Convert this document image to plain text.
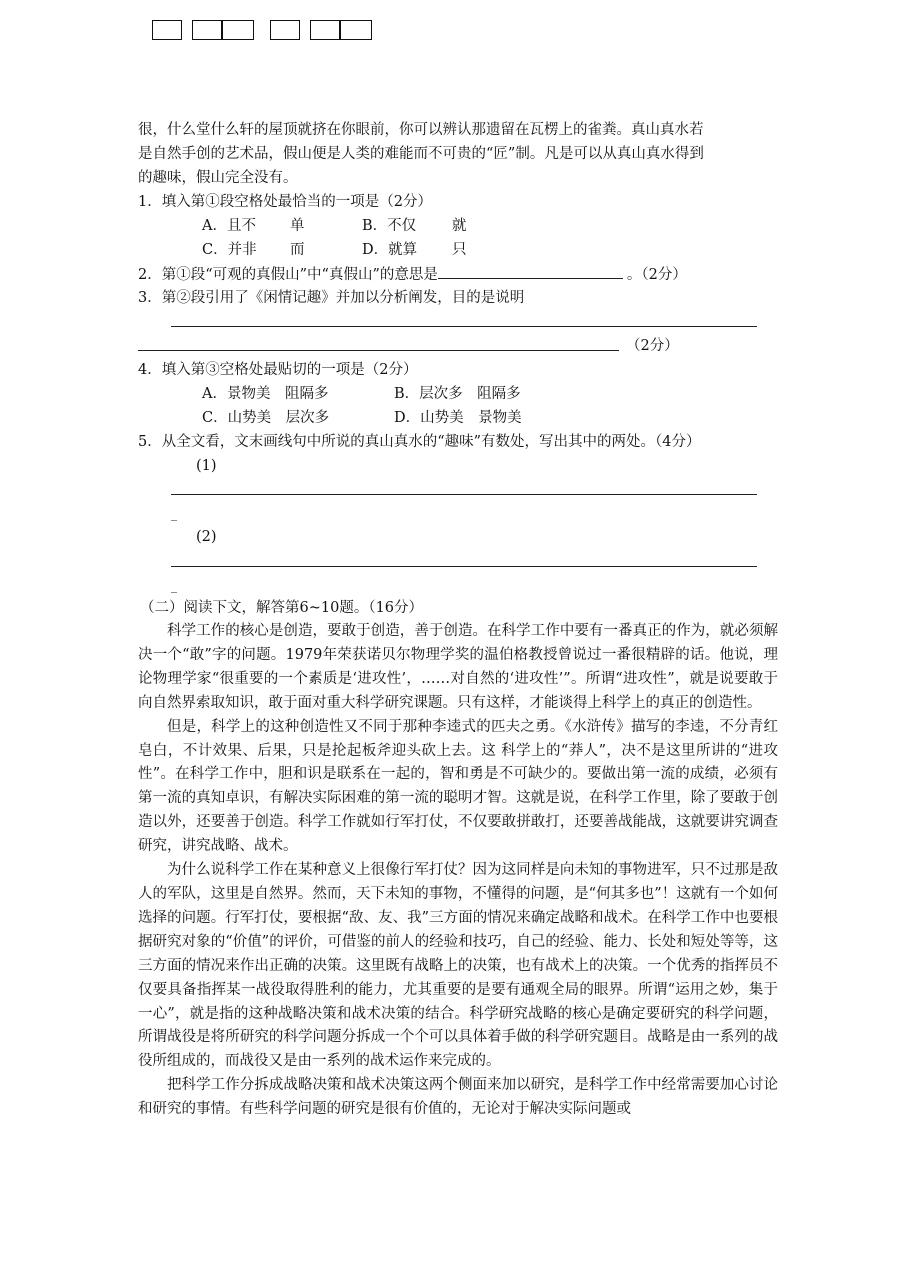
很，什么堂什么轩的屋顶就挤在你眼前，你可以辨认那遗留在瓦楞上的雀粪。真山真水若
是自然手创的艺术品，假山便是人类的难能而不可贵的“匠”制。凡是可以从真山真水得到
的趣味，假山完全没有。
1．填入第①段空格处最恰当的一项是（2分）
A．且不 单	B．不仅 就
C．并非 而	D．就算 只
2．第①段“可观的真假山”中“真假山”的意思是	。（2分）
3．第②段引用了《闲情记趣》并加以分析阐发，目的是说明
（2分）
4．填入第③空格处最贴切的一项是（2分）
A．景物美　阻隔多	B．层次多　阻隔多
C．山势美　层次多	D．山势美　景物美
5．从全文看，文末画线句中所说的真山真水的“趣味”有数处，写出其中的两处。（4分）
(1)
_
(2)
_
（二）阅读下文，解答第6~10题。（16分）

科学工作的核心是创造，要敢于创造，善于创造。在科学工作中要有一番真正的作为，就必须解决一个“敢”字的问题。1979年荣获诺贝尔物理学奖的温伯格教授曾说过一番很精辟的话。他说，理论物理学家“很重要的一个素质是‘进攻性’，……对自然的‘进攻性’”。所谓“进攻性”，就是说要敢于向自然界索取知识，敢于面对重大科学研究课题。只有这样，才能谈得上科学上的真正的创造性。

但是，科学上的这种创造性又不同于那种李逵式的匹夫之勇。《水浒传》描写的李逵，不分青红皂白，不计效果、后果，只是抡起板斧迎头砍上去。这 科学上的“莽人”，决不是这里所讲的“进攻性”。在科学工作中，胆和识是联系在一起的，智和勇是不可缺少的。要做出第一流的成绩，必须有第一流的真知卓识，有解决实际困难的第一流的聪明才智。这就是说，在科学工作里，除了要敢于创造以外，还要善于创造。科学工作就如行军打仗，不仅要敢拼敢打，还要善战能战，这就要讲究调查研究，讲究战略、战术。

为什么说科学工作在某种意义上很像行军打仗？因为这同样是向未知的事物进军，只不过那是敌人的军队，这里是自然界。然而，天下未知的事物，不懂得的问题，是“何其多也”！这就有一个如何选择的问题。行军打仗，要根据“敌、友、我”三方面的情况来确定战略和战术。在科学工作中也要根据研究对象的“价值”的评价，可借鉴的前人的经验和技巧，自己的经验、能力、长处和短处等等，这三方面的情况来作出正确的决策。这里既有战略上的决策，也有战术上的决策。一个优秀的指挥员不仅要具备指挥某一战役取得胜利的能力，尤其重要的是要有通观全局的眼界。所谓“运用之妙，集于一心”，就是指的这种战略决策和战术决策的结合。科学研究战略的核心是确定要研究的科学问题，所谓战役是将所研究的科学问题分拆成一个个可以具体着手做的科学研究题目。战略是由一系列的战役所组成的，而战役又是由一系列的战术运作来完成的。

把科学工作分拆成战略决策和战术决策这两个侧面来加以研究，是科学工作中经常需要加心讨论和研究的事情。有些科学问题的研究是很有价值的，无论对于解决实际问题或
